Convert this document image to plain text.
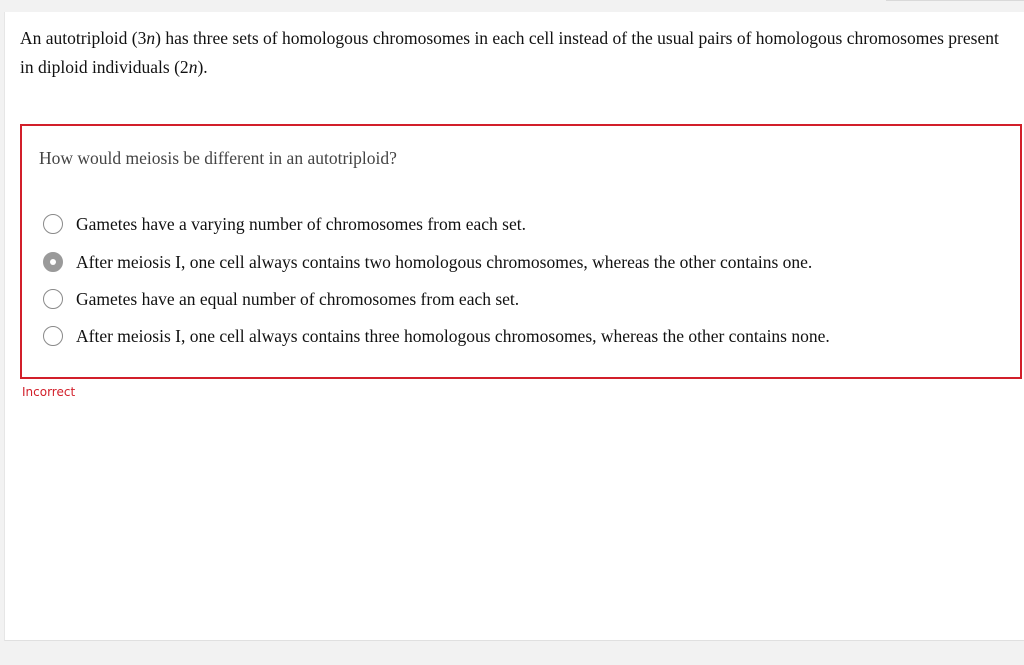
An autotriploid (3n) has three sets of homologous chromosomes in each cell instead of the usual pairs of homologous chromosomes present in diploid individuals (2n).
How would meiosis be different in an autotriploid?
Gametes have a varying number of chromosomes from each set.
After meiosis I, one cell always contains two homologous chromosomes, whereas the other contains one.
Gametes have an equal number of chromosomes from each set.
After meiosis I, one cell always contains three homologous chromosomes, whereas the other contains none.
Incorrect
